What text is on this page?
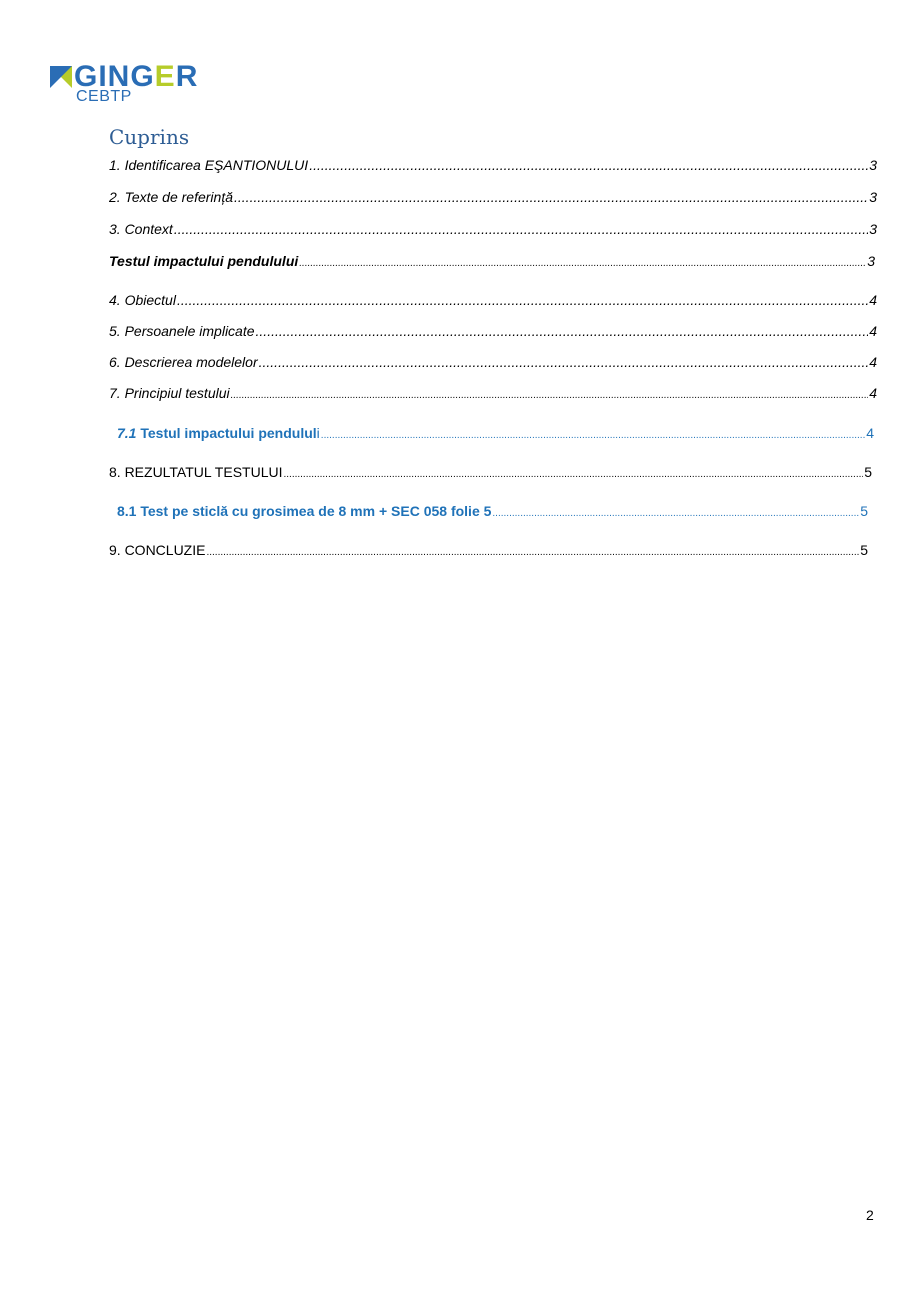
GINGER
CEBTP
Cuprins
1. Identificarea EŞANTIONULUI .....	3
2. Texte de referință .....	3
3. Context .....	3
Testul impactului pendulului .....	3
4. Obiectul .....	4
5. Persoanele implicate .....	4
6. Descrierea modelelor .....	4
7. Principiul testului .....	4
7.1 Testul impactului pendululi .....	4
8. REZULTATUL TESTULUI .....	5
8.1 Test pe sticlă cu grosimea de 8 mm + SEC 058 folie 5 .....	5
9. CONCLUZIE .....	5
2
